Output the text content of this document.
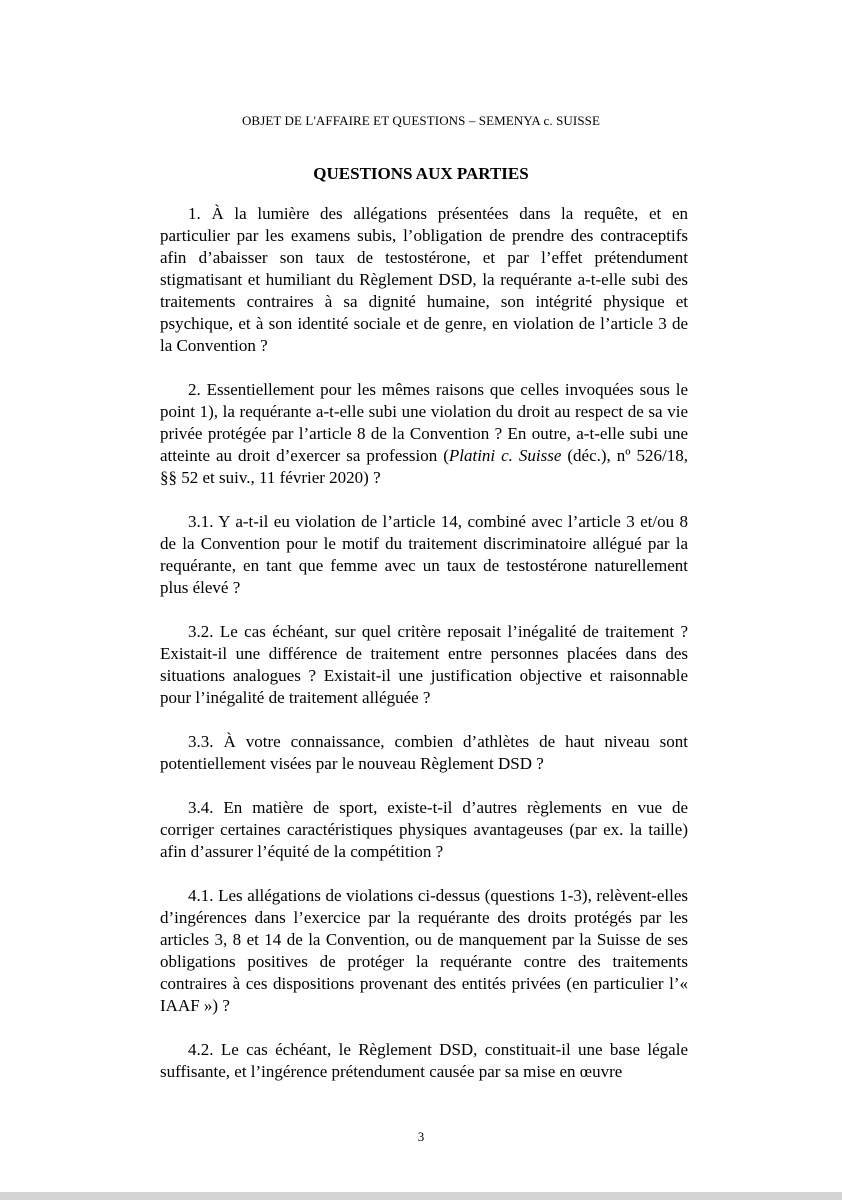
OBJET DE L'AFFAIRE ET QUESTIONS – SEMENYA c. SUISSE
QUESTIONS AUX PARTIES

1. À la lumière des allégations présentées dans la requête, et en particulier par les examens subis, l’obligation de prendre des contraceptifs afin d’abaisser son taux de testostérone, et par l’effet prétendument stigmatisant et humiliant du Règlement DSD, la requérante a-t-elle subi des traitements contraires à sa dignité humaine, son intégrité physique et psychique, et à son identité sociale et de genre, en violation de l’article 3 de la Convention ?

2. Essentiellement pour les mêmes raisons que celles invoquées sous le point 1), la requérante a-t-elle subi une violation du droit au respect de sa vie privée protégée par l’article 8 de la Convention ? En outre, a-t-elle subi une atteinte au droit d’exercer sa profession (Platini c. Suisse (déc.), nº 526/18, §§ 52 et suiv., 11 février 2020) ?

3.1. Y a-t-il eu violation de l’article 14, combiné avec l’article 3 et/ou 8 de la Convention pour le motif du traitement discriminatoire allégué par la requérante, en tant que femme avec un taux de testostérone naturellement plus élevé ?

3.2. Le cas échéant, sur quel critère reposait l’inégalité de traitement ? Existait-il une différence de traitement entre personnes placées dans des situations analogues ? Existait-il une justification objective et raisonnable pour l’inégalité de traitement alléguée ?

3.3. À votre connaissance, combien d’athlètes de haut niveau sont potentiellement visées par le nouveau Règlement DSD ?

3.4. En matière de sport, existe-t-il d’autres règlements en vue de corriger certaines caractéristiques physiques avantageuses (par ex. la taille) afin d’assurer l’équité de la compétition ?

4.1. Les allégations de violations ci-dessus (questions 1-3), relèvent-elles d’ingérences dans l’exercice par la requérante des droits protégés par les articles 3, 8 et 14 de la Convention, ou de manquement par la Suisse de ses obligations positives de protéger la requérante contre des traitements contraires à ces dispositions provenant des entités privées (en particulier l’« IAAF ») ?

4.2. Le cas échéant, le Règlement DSD, constituait-il une base légale suffisante, et l’ingérence prétendument causée par sa mise en œuvre

3
